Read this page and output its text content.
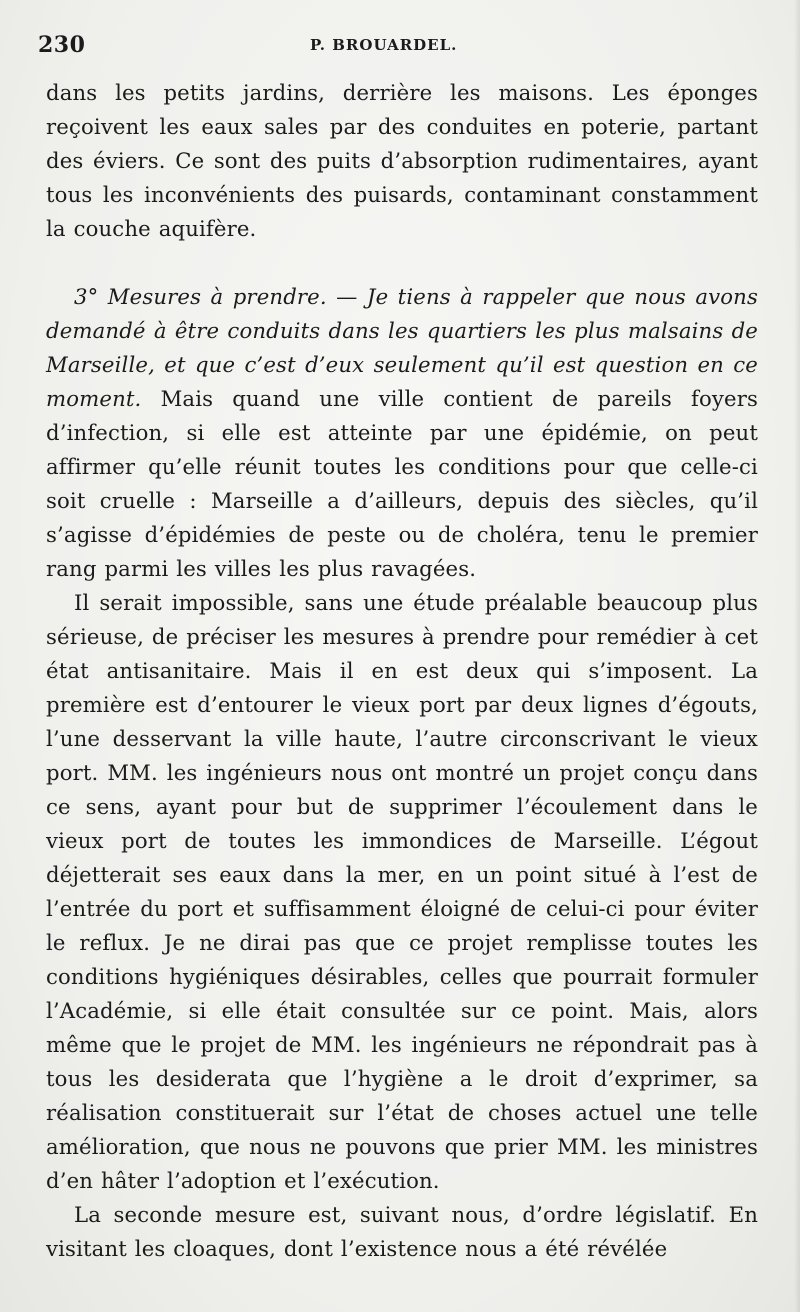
230	P. BROUARDEL.

dans les petits jardins, derrière les maisons. Les éponges reçoivent les eaux sales par des conduites en poterie, partant des éviers. Ce sont des puits d’absorption rudimentaires, ayant tous les inconvénients des puisards, contaminant constamment la couche aquifère.

3° Mesures à prendre. — Je tiens à rappeler que nous avons demandé à être conduits dans les quartiers les plus malsains de Marseille, et que c’est d’eux seulement qu’il est question en ce moment. Mais quand une ville contient de pareils foyers d’infection, si elle est atteinte par une épidémie, on peut affirmer qu’elle réunit toutes les conditions pour que celle-ci soit cruelle : Marseille a d’ailleurs, depuis des siècles, qu’il s’agisse d’épidémies de peste ou de choléra, tenu le premier rang parmi les villes les plus ravagées.

Il serait impossible, sans une étude préalable beaucoup plus sérieuse, de préciser les mesures à prendre pour remédier à cet état antisanitaire. Mais il en est deux qui s’imposent. La première est d’entourer le vieux port par deux lignes d’égouts, l’une desservant la ville haute, l’autre circonscrivant le vieux port. MM. les ingénieurs nous ont montré un projet conçu dans ce sens, ayant pour but de supprimer l’écoulement dans le vieux port de toutes les immondices de Marseille. L’égout déjetterait ses eaux dans la mer, en un point situé à l’est de l’entrée du port et suffisamment éloigné de celui-ci pour éviter le reflux. Je ne dirai pas que ce projet remplisse toutes les conditions hygiéniques désirables, celles que pourrait formuler l’Académie, si elle était consultée sur ce point. Mais, alors même que le projet de MM. les ingénieurs ne répondrait pas à tous les desiderata que l’hygiène a le droit d’exprimer, sa réalisation constituerait sur l’état de choses actuel une telle amélioration, que nous ne pouvons que prier MM. les ministres d’en hâter l’adoption et l’exécution.

La seconde mesure est, suivant nous, d’ordre législatif. En visitant les cloaques, dont l’existence nous a été révélée
